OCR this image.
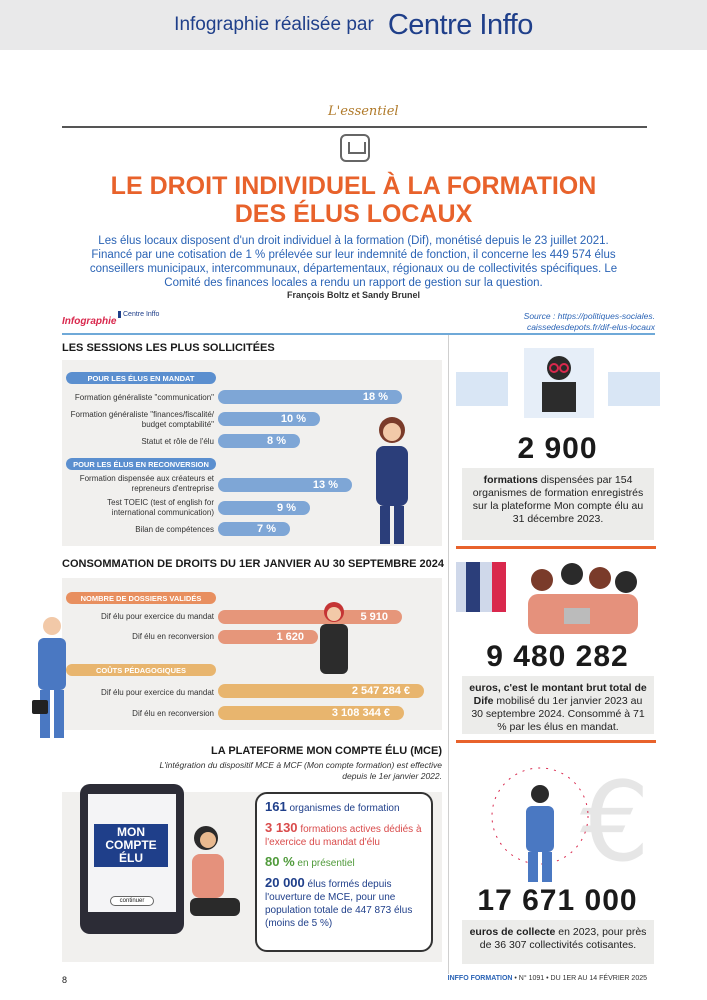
Infographie réalisée par Centre Inffo
L'essentiel
LE DROIT INDIVIDUEL À LA FORMATION
DES ÉLUS LOCAUX
Les élus locaux disposent d'un droit individuel à la formation (Dif), monétisé depuis le 23 juillet 2021. Financé par une cotisation de 1 % prélevée sur leur indemnité de fonction, il concerne les 449 574 élus conseillers municipaux, intercommunaux, départementaux, régionaux ou de collectivités spécifiques. Le Comité des finances locales a rendu un rapport de gestion sur la question.
François Boltz et Sandy Brunel
Infographie
Centre Inffo	Source : https://politiques-sociales. caissedesdepots.fr/dif-elus-locaux
LES SESSIONS LES PLUS SOLLICITÉES
POUR LES ÉLUS EN MANDAT
Formation généraliste "communication"	18 %
Formation généraliste "finances/fiscalité/ budget comptabilité"	10 %
Statut et rôle de l'élu	8 %
POUR LES ÉLUS EN RECONVERSION
Formation dispensée aux créateurs et repreneurs d'entreprise	13 %
Test TOEIC (test of english for international communication)	9 %
Bilan de compétences	7 %
CONSOMMATION DE DROITS DU 1ER JANVIER AU 30 SEPTEMBRE 2024
NOMBRE DE DOSSIERS VALIDÉS
Dif élu pour exercice du mandat	5 910
Dif élu en reconversion	1 620
COÛTS PÉDAGOGIQUES
Dif élu pour exercice du mandat	2 547 284 €
Dif élu en reconversion	3 108 344 €
LA PLATEFORME MON COMPTE ÉLU (MCE)
L'intégration du dispositif MCE à MCF (Mon compte formation) est effective depuis le 1er janvier 2022.
MON COMPTE ÉLU
continuer
161 organismes de formation
3 130 formations actives dédiés à l'exercice du mandat d'élu
80 % en présentiel
20 000 élus formés depuis l'ouverture de MCE, pour une population totale de 447 873 élus (moins de 5 %)
2 900
formations dispensées par 154 organismes de formation enregistrés sur la plateforme Mon compte élu au 31 décembre 2023.
9 480 282
euros, c'est le montant brut total de Dife mobilisé du 1er janvier 2023 au 30 septembre 2024. Consommé à 71 % par les élus en mandat.
€
17 671 000
euros de collecte en 2023, pour près de 36 307 collectivités cotisantes.
8	INFFO FORMATION • N° 1091 • DU 1ER AU 14 FÉVRIER 2025
